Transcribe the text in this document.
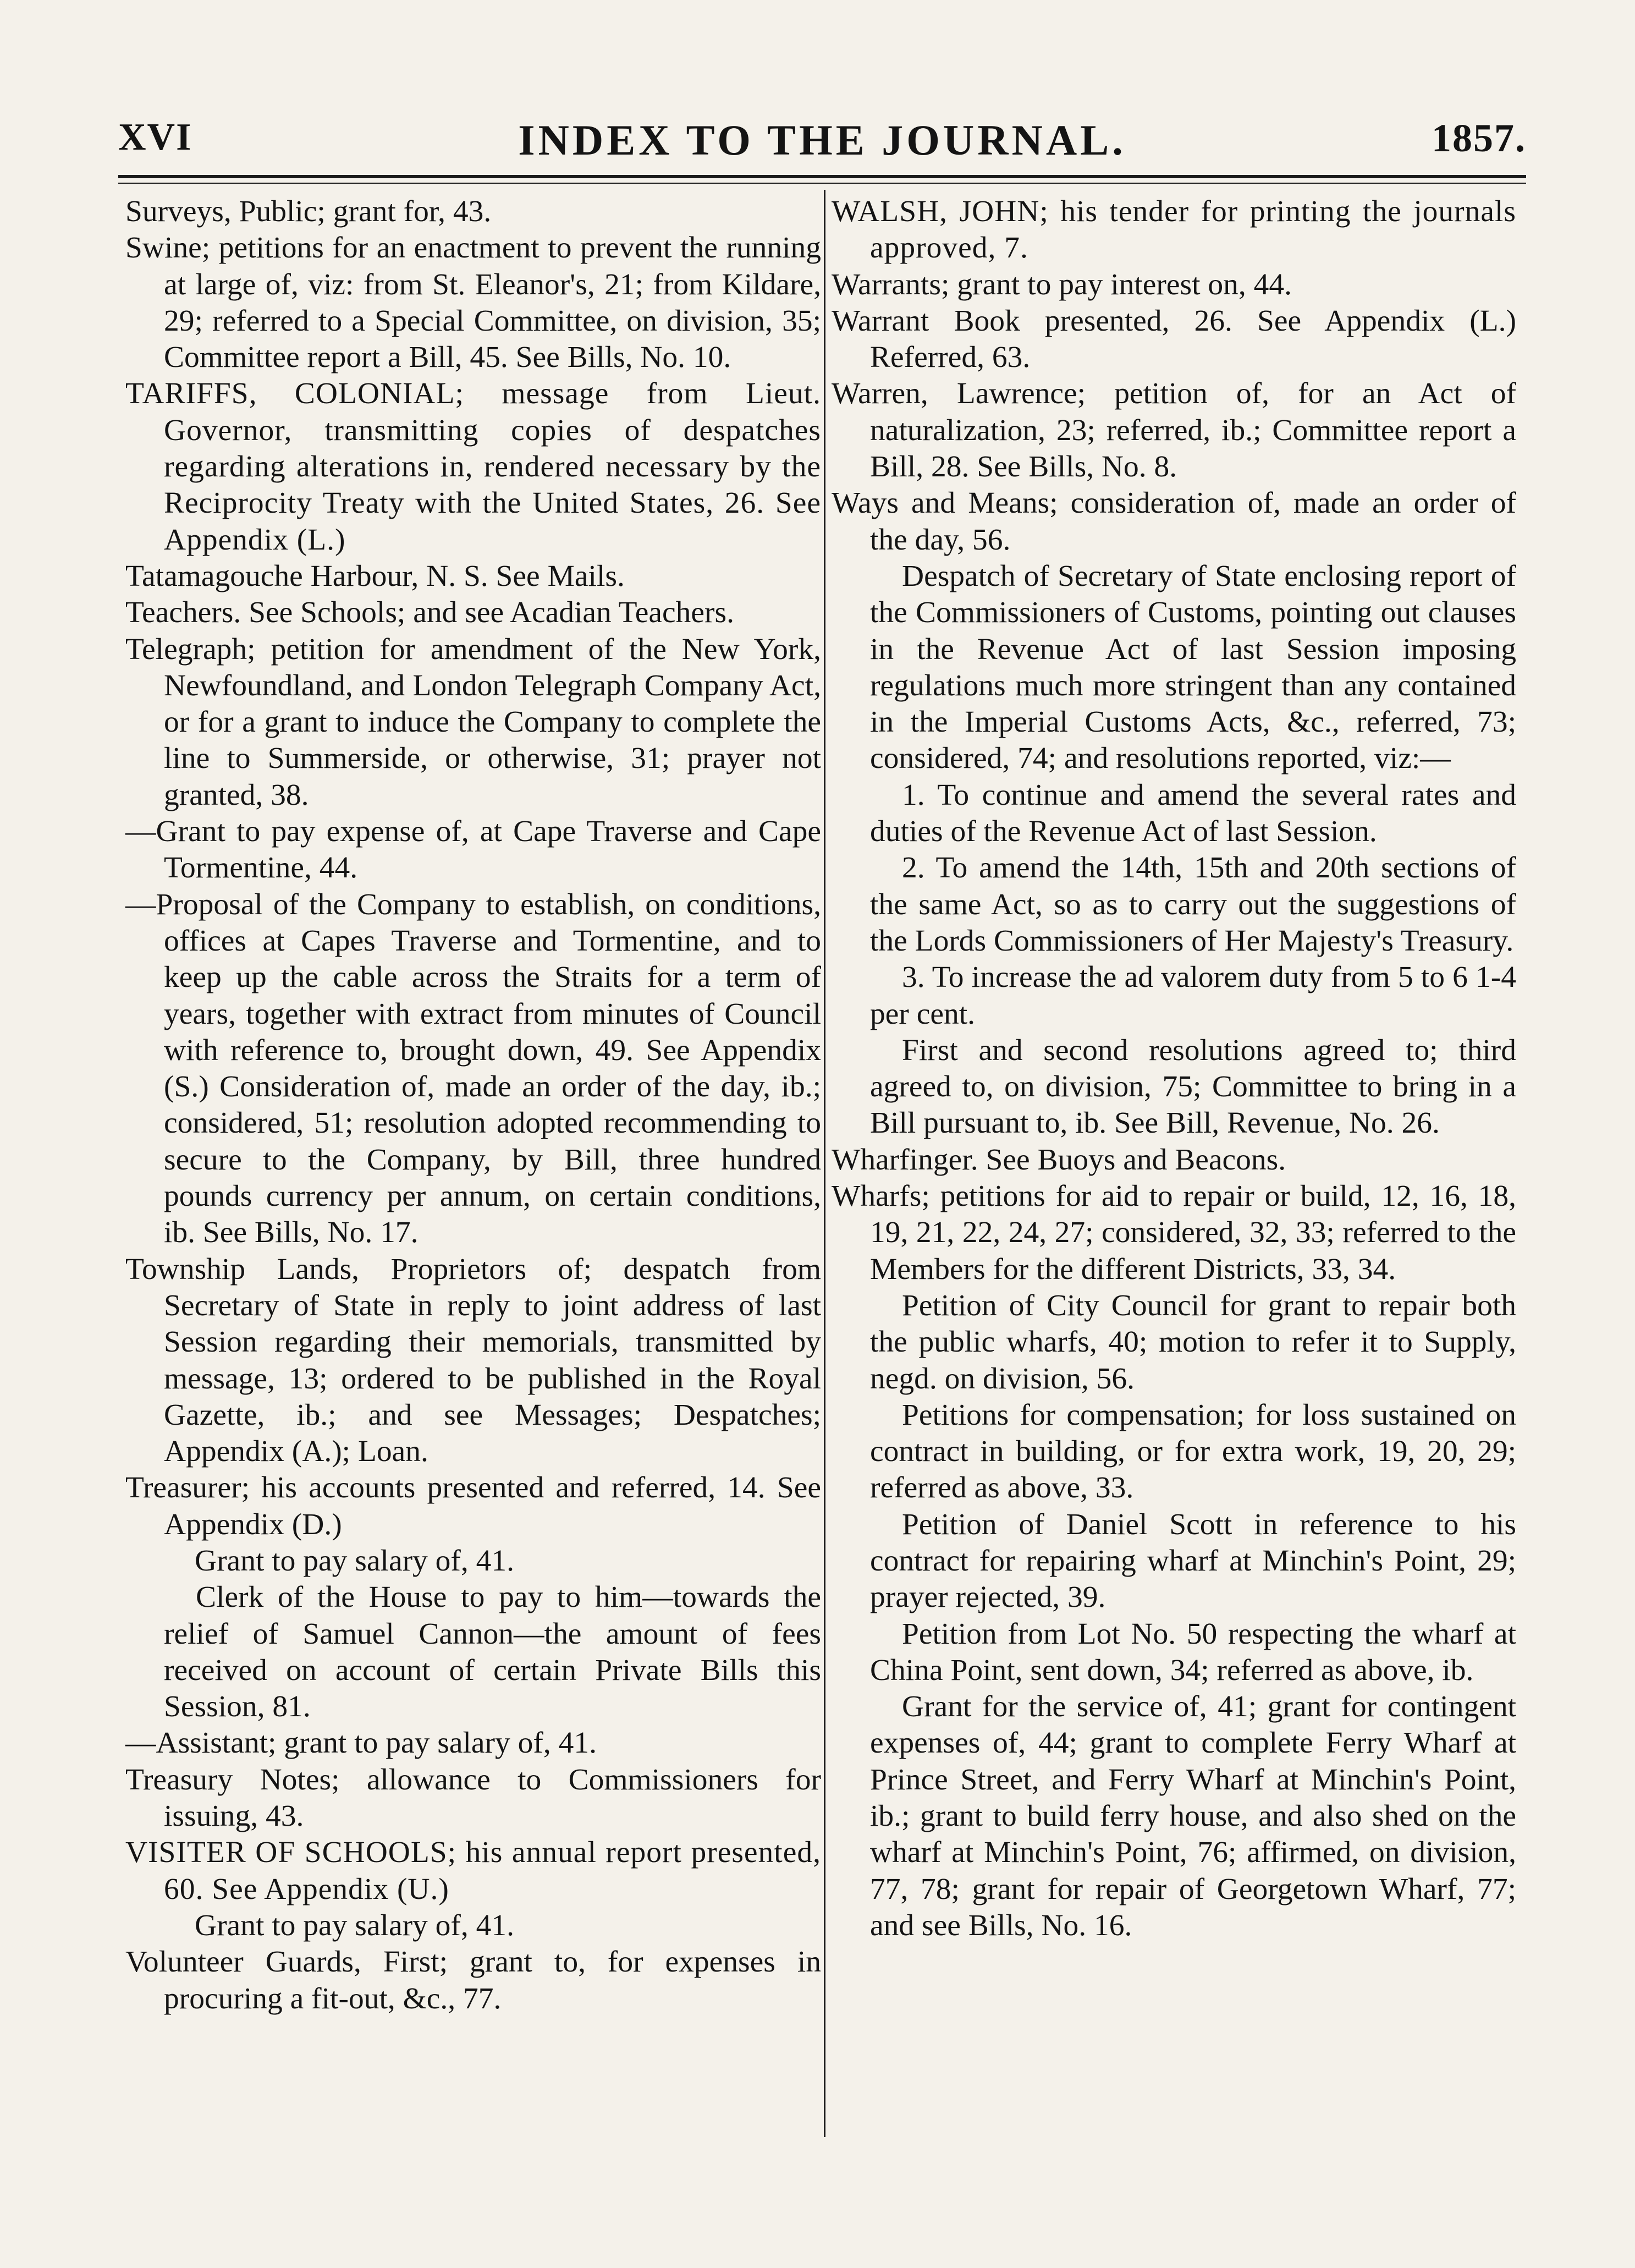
XVI	INDEX TO THE JOURNAL.	1857.

Surveys, Public; grant for, 43.

Swine; petitions for an enactment to prevent the running at large of, viz: from St. Eleanor's, 21; from Kildare, 29; referred to a Special Committee, on division, 35; Committee report a Bill, 45. See Bills, No. 10.

TARIFFS, COLONIAL; message from Lieut. Governor, transmitting copies of despatches regarding alterations in, rendered necessary by the Reciprocity Treaty with the United States, 26. See Appendix (L.)

Tatamagouche Harbour, N. S. See Mails.

Teachers. See Schools; and see Acadian Teachers.

Telegraph; petition for amendment of the New York, Newfoundland, and London Telegraph Company Act, or for a grant to induce the Company to complete the line to Summerside, or otherwise, 31; prayer not granted, 38.

—Grant to pay expense of, at Cape Traverse and Cape Tormentine, 44.

—Proposal of the Company to establish, on conditions, offices at Capes Traverse and Tormentine, and to keep up the cable across the Straits for a term of years, together with extract from minutes of Council with reference to, brought down, 49. See Appendix (S.) Consideration of, made an order of the day, ib.; considered, 51; resolution adopted recommending to secure to the Company, by Bill, three hundred pounds currency per annum, on certain conditions, ib. See Bills, No. 17.

Township Lands, Proprietors of; despatch from Secretary of State in reply to joint address of last Session regarding their memorials, transmitted by message, 13; ordered to be published in the Royal Gazette, ib.; and see Messages; Despatches; Appendix (A.); Loan.

Treasurer; his accounts presented and referred, 14. See Appendix (D.)

Grant to pay salary of, 41.

Clerk of the House to pay to him—towards the relief of Samuel Cannon—the amount of fees received on account of certain Private Bills this Session, 81.

—Assistant; grant to pay salary of, 41.

Treasury Notes; allowance to Commissioners for issuing, 43.

VISITER OF SCHOOLS; his annual report presented, 60. See Appendix (U.)

Grant to pay salary of, 41.

Volunteer Guards, First; grant to, for expenses in procuring a fit-out, &c., 77.

WALSH, JOHN; his tender for printing the journals approved, 7.

Warrants; grant to pay interest on, 44.

Warrant Book presented, 26. See Appendix (L.) Referred, 63.

Warren, Lawrence; petition of, for an Act of naturalization, 23; referred, ib.; Committee report a Bill, 28. See Bills, No. 8.

Ways and Means; consideration of, made an order of the day, 56.

Despatch of Secretary of State enclosing report of the Commissioners of Customs, pointing out clauses in the Revenue Act of last Session imposing regulations much more stringent than any contained in the Imperial Customs Acts, &c., referred, 73; considered, 74; and resolutions reported, viz:—

1. To continue and amend the several rates and duties of the Revenue Act of last Session.

2. To amend the 14th, 15th and 20th sections of the same Act, so as to carry out the suggestions of the Lords Commissioners of Her Majesty's Treasury.

3. To increase the ad valorem duty from 5 to 6 1-4 per cent.

First and second resolutions agreed to; third agreed to, on division, 75; Committee to bring in a Bill pursuant to, ib. See Bill, Revenue, No. 26.

Wharfinger. See Buoys and Beacons.

Wharfs; petitions for aid to repair or build, 12, 16, 18, 19, 21, 22, 24, 27; considered, 32, 33; referred to the Members for the different Districts, 33, 34.

Petition of City Council for grant to repair both the public wharfs, 40; motion to refer it to Supply, negd. on division, 56.

Petitions for compensation; for loss sustained on contract in building, or for extra work, 19, 20, 29; referred as above, 33.

Petition of Daniel Scott in reference to his contract for repairing wharf at Minchin's Point, 29; prayer rejected, 39.

Petition from Lot No. 50 respecting the wharf at China Point, sent down, 34; referred as above, ib.

Grant for the service of, 41; grant for contingent expenses of, 44; grant to complete Ferry Wharf at Prince Street, and Ferry Wharf at Minchin's Point, ib.; grant to build ferry house, and also shed on the wharf at Minchin's Point, 76; affirmed, on division, 77, 78; grant for repair of Georgetown Wharf, 77; and see Bills, No. 16.
